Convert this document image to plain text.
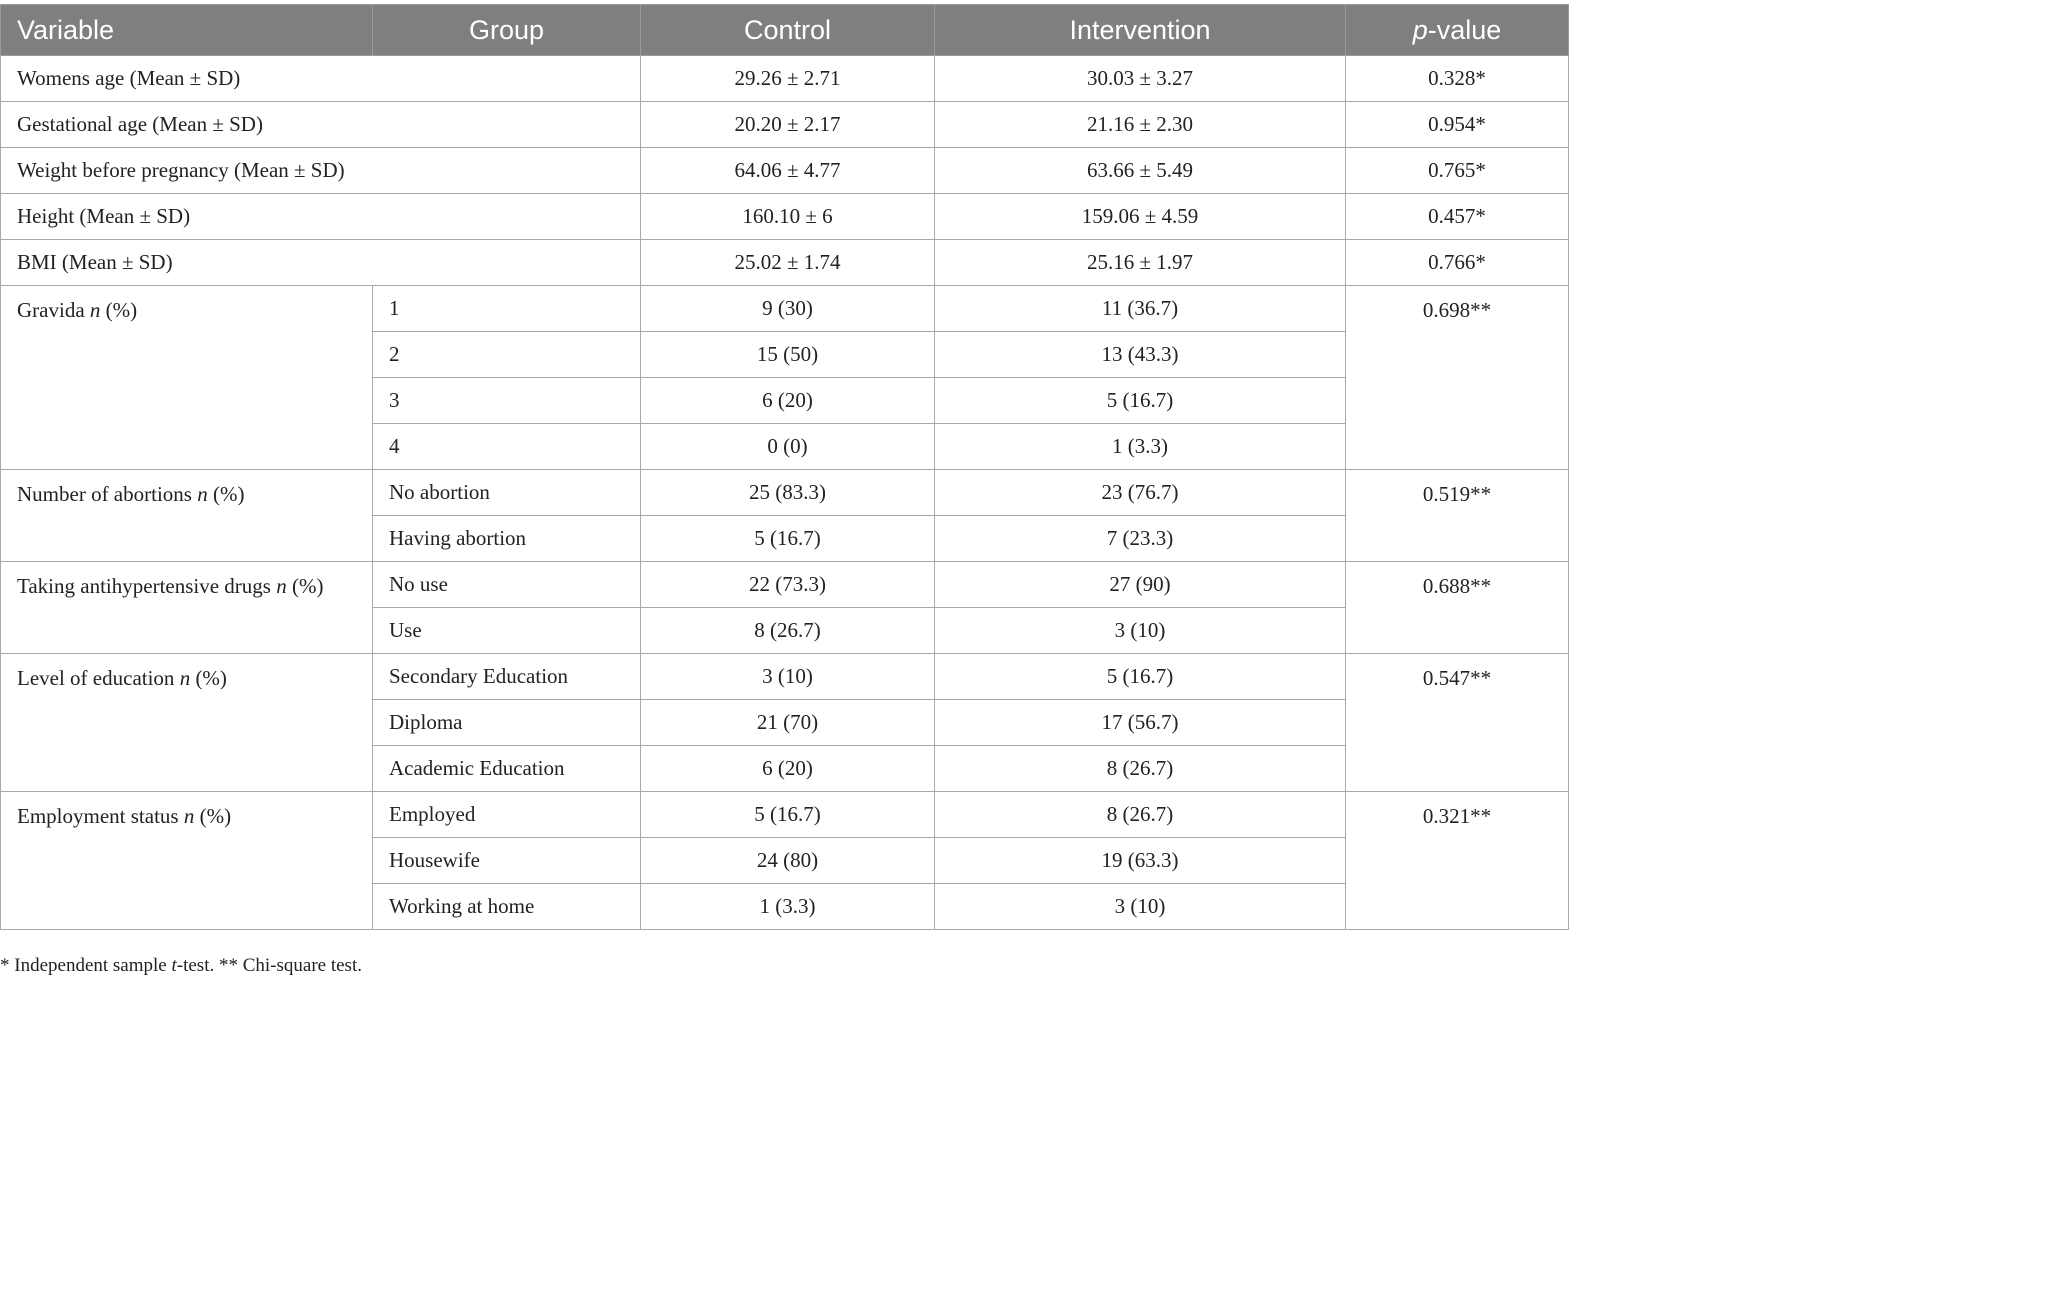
Variable	Group	Control	Intervention	p-value
Womens age (Mean ± SD)		29.26 ± 2.71	30.03 ± 3.27	0.328*
Gestational age (Mean ± SD)		20.20 ± 2.17	21.16 ± 2.30	0.954*
Weight before pregnancy (Mean ± SD)		64.06 ± 4.77	63.66 ± 5.49	0.765*
Height (Mean ± SD)		160.10 ± 6	159.06 ± 4.59	0.457*
BMI (Mean ± SD)		25.02 ± 1.74	25.16 ± 1.97	0.766*
Gravida n (%)	1	9 (30)	11 (36.7)	0.698**
	2	15 (50)	13 (43.3)	
	3	6 (20)	5 (16.7)	
	4	0 (0)	1 (3.3)	
Number of abortions n (%)	No abortion	25 (83.3)	23 (76.7)	0.519**
	Having abortion	5 (16.7)	7 (23.3)	
Taking antihypertensive drugs n (%)	No use	22 (73.3)	27 (90)	0.688**
	Use	8 (26.7)	3 (10)	
Level of education n (%)	Secondary Education	3 (10)	5 (16.7)	0.547**
	Diploma	21 (70)	17 (56.7)	
	Academic Education	6 (20)	8 (26.7)	
Employment status n (%)	Employed	5 (16.7)	8 (26.7)	0.321**
	Housewife	24 (80)	19 (63.3)	
	Working at home	1 (3.3)	3 (10)	
* Independent sample t-test. ** Chi-square test.
